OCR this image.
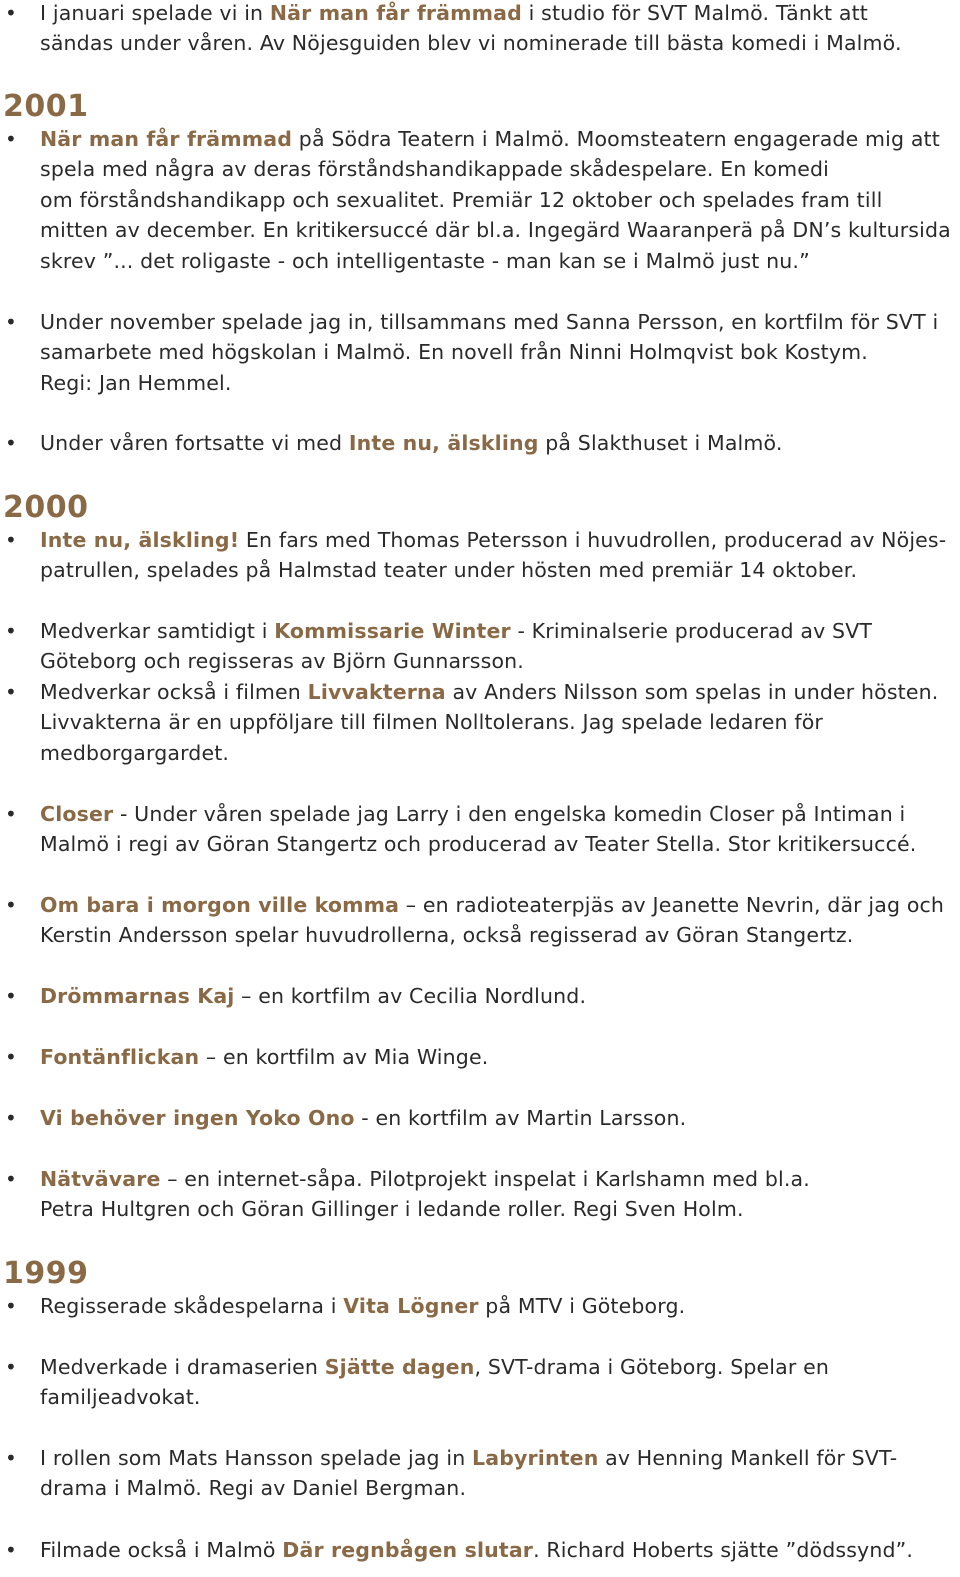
2001
2000
1999
• I januari spelade vi in När man får främmad i studio för SVT Malmö. Tänkt att
sändas under våren. Av Nöjesguiden blev vi nominerade till bästa komedi i Malmö.
• När man får främmad på Södra Teatern i Malmö. Moomsteatern engagerade mig att
spela med några av deras förståndshandikappade skådespelare. En komedi
om förståndshandikapp och sexualitet. Premiär 12 oktober och spelades fram till
mitten av december. En kritikersuccé där bl.a. Ingegärd Waaranperä på DN’s kultursida
skrev ”... det roligaste - och intelligentaste - man kan se i Malmö just nu.”
• Under november spelade jag in, tillsammans med Sanna Persson, en kortfilm för SVT i
samarbete med högskolan i Malmö. En novell från Ninni Holmqvist bok Kostym.
Regi: Jan Hemmel.
• Under våren fortsatte vi med Inte nu, älskling på Slakthuset i Malmö.
• Inte nu, älskling! En fars med Thomas Petersson i huvudrollen, producerad av Nöjes-
patrullen, spelades på Halmstad teater under hösten med premiär 14 oktober.
• Medverkar samtidigt i Kommissarie Winter - Kriminalserie producerad av SVT
Göteborg och regisseras av Björn Gunnarsson.
• Medverkar också i filmen Livvakterna av Anders Nilsson som spelas in under hösten.
Livvakterna är en uppföljare till filmen Nolltolerans. Jag spelade ledaren för
medborgargardet.
• Closer - Under våren spelade jag Larry i den engelska komedin Closer på Intiman i
Malmö i regi av Göran Stangertz och producerad av Teater Stella. Stor kritikersuccé.
• Om bara i morgon ville komma – en radioteaterpjäs av Jeanette Nevrin, där jag och
Kerstin Andersson spelar huvudrollerna, också regisserad av Göran Stangertz.
• Drömmarnas Kaj – en kortfilm av Cecilia Nordlund.
• Fontänflickan – en kortfilm av Mia Winge.
• Vi behöver ingen Yoko Ono - en kortfilm av Martin Larsson.
• Nätvävare – en internet-såpa. Pilotprojekt inspelat i Karlshamn med bl.a.
Petra Hultgren och Göran Gillinger i ledande roller. Regi Sven Holm.
• Regisserade skådespelarna i Vita Lögner på MTV i Göteborg.
• Medverkade i dramaserien Sjätte dagen, SVT-drama i Göteborg. Spelar en
familjeadvokat.
• I rollen som Mats Hansson spelade jag in Labyrinten av Henning Mankell för SVT-
drama i Malmö. Regi av Daniel Bergman.
• Filmade också i Malmö Där regnbågen slutar. Richard Hoberts sjätte ”dödssynd”.
